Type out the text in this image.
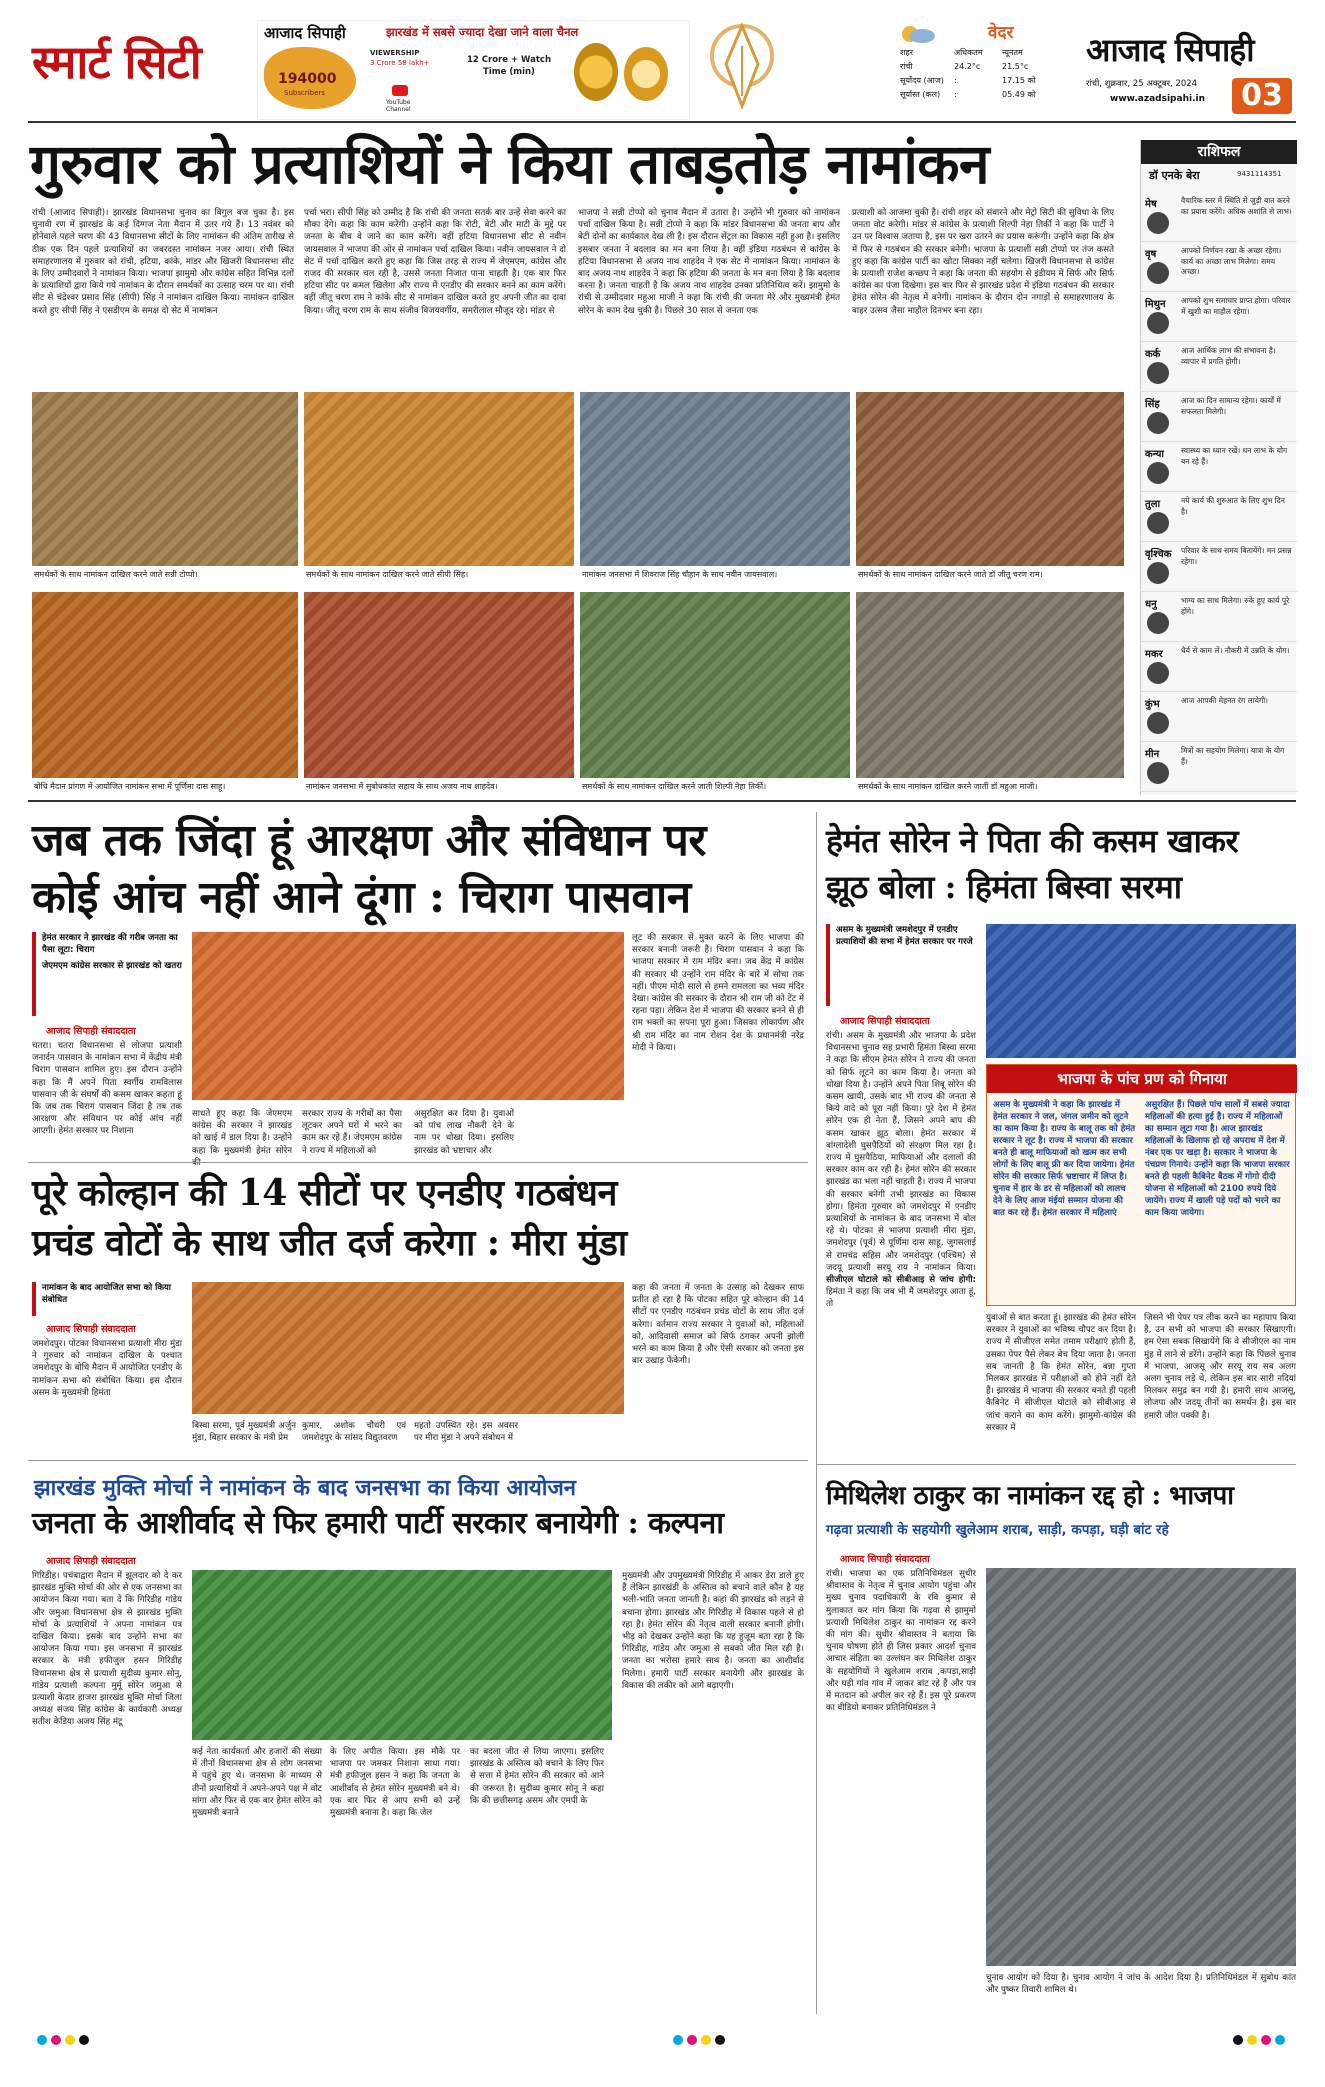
स्मार्ट सिटी
आजाद सिपाही	झारखंड में सबसे ज्यादा देखा जाने वाला चैनल
194000
Subscribers
VIEWERSHIP
3 Crore 58 lakh+
YouTube Channel
12 Crore + Watch Time (min)
वेदर
शहर	अधिकतम	न्यूनतम
रांची	24.2°c	21.5°c
सूर्योदय (आज)	:	17.15 को
सूर्यास्त (कल)	:	05.49 को
आजाद सिपाही
रांची, शुक्रवार, 25 अक्टूबर, 2024
www.azadsipahi.in	03
गुरुवार को प्रत्याशियों ने किया ताबड़तोड़ नामांकन
रांची (आजाद सिपाही)। झारखंड विधानसभा चुनाव का बिगुल बज चुका है। इस चुनावी रण में झारखंड के कई दिग्गज नेता मैदान में उतर गये हैं। 13 नवंबर को होनेवाले पहले चरण की 43 विधानसभा सीटों के लिए नामांकन की अंतिम तारीख से ठीक एक दिन पहले प्रत्याशियों का जबरदस्त नामांकन नजर आया। रांची स्थित समाहरणालय में गुरुवार को रांची, हटिया, कांके, मांडर और खिजरी विधानसभा सीट के लिए उम्मीदवारों ने नामांकन किया। भाजपा झामुमो और कांग्रेस सहित विभिन्न दलों के प्रत्याशियों द्वारा किये गये नामांकन के दौरान समर्थकों का उत्साह चरम पर था। रांची सीट से चंद्रेश्वर प्रसाद सिंह (सीपी) सिंह ने नामांकन दाखिल किया। नामांकन दाखिल करते हुए सीपी सिंह ने एसडीएम के समक्ष दो सेट में नामांकन
पर्चा भरा। सीपी सिंह को उम्मीद है कि रांची की जनता सतर्क बार उन्हें सेवा करने का मौका देंगे। कहा कि काम करेंगी। उन्होंने कहा कि रोटी, बेटी और माटी के मुद्दे पर जनता के बीच वे जाने का काम करेंगे। वहीं हटिया विधानसभा सीट से नवीन जायसवाल ने भाजपा की ओर से नामांकन पर्चा दाखिल किया। नवीन जायसवाल ने दो सेट में पर्चा दाखिल करते हुए कहा कि जिस तरह से राज्य में जेएमएम, कांग्रेस और राजद की सरकार चल रही है, उससे जनता निजात पाना चाहती है। एक बार फिर हटिया सीट पर कमल खिलेगा और राज्य में एनडीए की सरकार बनने का काम करेंगे। वहीं जीतू चरण राम ने कांके सीट से नामांकन दाखिल करते हुए अपनी जीत का दावा किया। जीतू चरण राम के साथ संजीव विजयवर्गीय, समरीलाल मौजूद रहे। मांडर से
भाजपा ने सन्नी टोप्पो को चुनाव मैदान में उतारा है। उन्होंने भी गुरुवार को नामांकन पर्चा दाखिल किया है। सन्नी टोप्पो ने कहा कि मांडर विधानसभा की जनता बाप और बेटी दोनों का कार्यकाल देख ली है। इस दौरान सेंट्रल का विकास नहीं हुआ है। इसलिए इसबार जनता ने बदलाव का मन बना लिया है। वहीं इंडिया गठबंधन से कांग्रेस के हटिया विधानसभा से अजय नाथ शाहदेव ने एक सेट में नामांकन किया। नामांकन के बाद अजय नाथ शाहदेव ने कहा कि हटिया की जनता के मन बना लिया है कि बदलाव करना है। जनता चाहती है कि अजय नाथ शाहदेव उनका प्रतिनिधित्व करें। झामुमो के रांची से उम्मीदवार महुआ माजी ने कहा कि रांची की जनता मेरे और मुख्यमंत्री हेमंत सोरेन के काम देख चुकी है। पिछले 30 साल से जनता एक
प्रत्याशी को आजमा चुकी है। रांची शहर को संवारने और मेट्रो सिटी की सुविधा के लिए जनता वोट करेगी। मांडर से कांग्रेस के प्रत्याशी शिल्पी नेहा तिर्की ने कहा कि पार्टी ने उन पर विश्वास जताया है, इस पर खरा उतरने का प्रयास करूंगी। उन्होंने कहा कि क्षेत्र में फिर से गठबंधन की सरकार बनेगी। भाजपा के प्रत्याशी सन्नी टोप्पो पर तंज कसते हुए कहा कि कांग्रेस पार्टी का खोटा सिक्का नहीं चलेगा। खिजरी विधानसभा से कांग्रेस के प्रत्याशी राजेश कच्छप ने कहा कि जनता की सहयोग से इंडीयम में सिर्फ और सिर्फ कांग्रेस का पंजा दिखेगा। इस बार फिर से झारखंड प्रदेश में इंडिया गठबंधन की सरकार हेमंत सोरेन की नेतृत्व में बनेगी। नामांकन के दौरान दोन नगाड़ों से समाहरणालय के बाहर उत्सव जैसा माहौल दिनभर बना रहा।
समर्थकों के साथ नामांकन दाखिल करने जाते सन्नी टोप्पो।	समर्थकों के साथ नामांकन दाखिल करने जाते सीपी सिंह।	नामांकन जनसभा में शिवराज सिंह चौहान के साथ नवीन जायसवाल।	समर्थकों के साथ नामांकन दाखिल करने जाते डॉ जीतू चरण राम।
बोधि मैदान प्रांगण में आयोजित नामांकन सभा में पूर्णिमा दास साहू।	नामांकन जनसभा में सुबोधकांत सहाय के साथ अजय नाथ शाहदेव।	समर्थकों के साथ नामांकन दाखिल करने जाती शिल्पी नेहा तिर्की।	समर्थकों के साथ नामांकन दाखिल करने जातीं डॉ महुआ माजी।
राशिफल
डॉ एनके बेरा	9431114351
मेष	वैचारिक स्तर में स्थिति से जुड़ी बात करने का प्रयास करेंगे। अधिक अशांति से लाभ।
वृष	आपको निर्णयन रखा के अच्छा रहेगा। कार्य का अच्छा लाभ मिलेगा। समय अच्छा।
मिथुन आपको शुभ समाचार प्राप्त होगा। परिवार में खुशी का माहौल रहेगा।
कर्क	आज आर्थिक लाभ की संभावना है। व्यापार में प्रगति होगी।
सिंह	आज का दिन सामान्य रहेगा। कार्यों में सफलता मिलेगी।
कन्या स्वास्थ्य का ध्यान रखें। धन लाभ के योग बन रहे हैं।
तुला	नये कार्य की शुरुआत के लिए शुभ दिन है।
वृश्चिक परिवार के साथ समय बितायेंगे। मन प्रसन्न रहेगा।
धनु	भाग्य का साथ मिलेगा। रुके हुए कार्य पूरे होंगे।
मकर धैर्य से काम लें। नौकरी में उन्नति के योग।
कुंभ	आज आपकी मेहनत रंग लायेगी।
मीन	मित्रों का सहयोग मिलेगा। यात्रा के योग हैं।
जब तक जिंदा हूं आरक्षण और संविधान पर
कोई आंच नहीं आने दूंगा : चिराग पासवान
हेमंत सरकार ने झारखंड की गरीब जनता का पैसा लूटा: चिराग
जेएमएम कांग्रेस सरकार से झारखंड को खतरा
आजाद सिपाही संवाददाता
चतरा। चतरा विधानसभा से लोजपा प्रत्याशी जनार्दन पासवान के नामांकन सभा में केंद्रीय मंत्री चिराग पासवान शामिल हुए। इस दौरान उन्होंने कहा कि मैं अपने पिता स्वर्गीय रामविलास पासवान जी के संघर्षों की कसम खाकर कहता हूं कि जब तक चिराग पासवान जिंदा है तब तक आरक्षण और संविधान पर कोई आंच नहीं आएगी। हेमंत सरकार पर निशाना
साधते हुए कहा कि जेएमएम कांग्रेस की सरकार ने झारखंड को खाई में डाल दिया है। उन्होंने कहा कि मुख्यमंत्री हेमंत सोरेन
सरकार राज्य के गरीबों का पैसा लूटकर अपने घरों में भरने का काम कर रहे हैं। जेएमएम कांग्रेस ने राज्य में महिलाओं को
असुरक्षित कर दिया है। युवाओं को पांच लाख नौकरी देने के नाम पर धोखा दिया। इसलिए झारखंड को भ्रष्टाचार और
लूट की सरकार से मुक्त करने के लिए भाजपा की सरकार बनानी जरूरी है। चिराग पासवान ने कहा कि भाजपा सरकार में राम मंदिर बना। जब केंद्र में कांग्रेस की सरकार थी उन्होंने राम मंदिर के बारे में सोचा तक नहीं। पीएम मोदी साले से हमने रामलला का भव्य मंदिर देखा। कांग्रेस की सरकार के दौरान श्री राम जी को टेंट में रहना पड़ा। लेकिन देश में भाजपा की सरकार बनने से ही राम भक्तों का सपना पूरा हुआ। जिसका लोकार्पण और श्री राम मंदिर का नाम रोशन देश के प्रधानमंत्री नरेंद्र मोदी ने किया।
पूरे कोल्हान की 14 सीटों पर एनडीए गठबंधन
प्रचंड वोटों के साथ जीत दर्ज करेगा : मीरा मुंडा
नामांकन के बाद आयोजित सभा को किया संबोधित
आजाद सिपाही संवाददाता
जमशेदपुर। पोटका विधानसभा प्रत्याशी मीरा मुंडा ने गुरुवार को नामांकन दाखिल के पश्चात जमशेदपुर के बोधि मैदान में आयोजित एनडीए के नामांकन सभा को संबोधित किया। इस दौरान असम के मुख्यमंत्री हिमंता
बिस्वा सरमा, पूर्व मुख्यमंत्री अर्जुन मुंडा, बिहार सरकार के मंत्री प्रेम
कुमार, अशोक चौधरी एवं जमशेदपुर के सांसद विद्युतवरण
महतो उपस्थित रहे। इस अवसर पर मीरा मुंडा ने अपने संबोधन में
कहा की जनता में जनता के उत्साह को देखकर साफ प्रतीत हो रहा है कि पोटका सहित पूरे कोल्हान की 14 सीटों पर एनडीए गठबंधन प्रचंड वोटों के साथ जीत दर्ज करेगा। वर्तमान राज्य सरकार ने युवाओं को, महिलाओं को, आदिवासी समाज को सिर्फ ठगकर अपनी झोली भरने का काम किया है और ऐसी सरकार को जनता इस बार उखाड़ फेंकेगी।
हेमंत सोरेन ने पिता की कसम खाकर
झूठ बोला : हिमंता बिस्वा सरमा
असम के मुख्यमंत्री जमशेदपुर में एनडीए प्रत्याशियों की सभा में हेमंत सरकार पर गरजे
आजाद सिपाही संवाददाता
रांची। असम के मुख्यमंत्री और भाजपा के प्रदेश विधानसभा चुनाव सह प्रभारी हिमंता बिस्वा सरमा ने कहा कि सीएम हेमंत सोरेन ने राज्य की जनता को सिर्फ लूटने का काम किया है। जनता को धोखा दिया है। उन्होंने अपने पिता शिबू सोरेन की कसम खायी, उसके बाद भी राज्य की जनता से किये वादे को पूरा नहीं किया। पूरे देश में हेमंत सोरेन एक ही नेता हैं, जिसने अपने बाप की कसम खाकर झूठ बोला। हेमंत सरकार में बांग्लादेशी घुसपैठियों को संरक्षण मिल रहा है। राज्य में घुसपैठिया, माफियाओं और दलालों की सरकार काम कर रही है। हेमंत सोरेन की सरकार झारखंड का भला नहीं चाहती है। राज्य में भाजपा की सरकार बनेगी तभी झारखंड का विकास होगा। हिमंता गुरुवार को जमशेदपुर में एनडीए प्रत्याशियों के नामांकन के बाद जनसभा में बोल रहे थे। पोटका से भाजपा प्रत्याशी मीरा मुंडा, जमशेदपुर (पूर्व) से पूर्णिमा दास साहू, जुगसलाई से रामचंद्र सहिस और जमशेदपुर (पश्चिम) से जदयू प्रत्याशी सरयू राय ने नामांकन किया। सीजीएल घोटाले को सीबीआइ से जांच होगी: हिमंता ने कहा कि जब भी मैं जमशेदपुर आता हूं, तो
भाजपा के पांच प्रण को गिनाया
असम के मुख्यमंत्री ने कहा कि झारखंड में हेमंत सरकार ने जल, जंगल जमीन को लूटने का काम किया है। राज्य के बालू तक को हेमंत सरकार ने लूट है। राज्य में भाजपा की सरकार बनते ही बालू माफियाओं को खत्म कर सभी लोगों के लिए बालू फ्री कर दिया जायेगा। हेमंत सोरेन की सरकार सिर्फ भ्रष्टाचार में लिप्त है। चुनाव में हार के डर से महिलाओं को लालच देने के लिए आज मंईयां सम्मान योजना की बात कर रहे हैं। हेमंत सरकार में महिलाएं
असुरक्षित हैं। पिछले पांच सालों में सबसे ज्यादा महिलाओं की हत्या हुई है। राज्य में महिलाओं का सम्मान लूटा गया है। आज झारखंड महिलाओं के खिलाफ हो रहे अपराध में देश में नंबर एक पर खड़ा है। सरकार ने भाजपा के पंचप्रण गिनाये। उन्होंने कहा कि भाजपा सरकार बनते ही पहली कैबिनेट बैठक में गोगो दीदी योजना से महिलाओं को 2100 रुपये दिये जायेंगे। राज्य में खाली पड़े पदों को भरने का काम किया जायेगा।
युवाओं से बात करता हूं। झारखंड की हेमंत सोरेन सरकार ने युवाओं का भविष्य चौपट कर दिया है। राज्य में सीजीएल समेत तमाम परीक्षाएं होती हैं, उसका पेपर पैसे लेकर बेच दिया जाता है। जनता सब जानती है कि हेमंत सोरेन, बन्ना गुप्ता मिलकर झारखंड में परीक्षाओं को होने नहीं देते हैं। झारखंड में भाजपा की सरकार बनते ही पहली कैबिनेट में सीजीएल घोटाले को सीबीआइ से जांच कराने का काम करेंगे। झामुमो-कांग्रेस की सरकार में
जिसने भी पेपर पत्र लीक करने का महापाप किया है, उन सभी को भाजपा की सरकार सिखाएगी। हम ऐसा सबक सिखायेंगे कि वे सीजीएल का नाम मुंह में लाने से डरेंगे। उन्होंने कहा कि पिछले चुनाव में भाजपा, आजसू और सरयू राय सब अलग अलग चुनाव लड़े थे, लेकिन इस बार सारी नदियां मिलकर समुद्र बन गयी है। हमारी साथ आजसू, लोजपा और जदयू तीनों का समर्थन है। इस बार हमारी जीत पक्की है।
झारखंड मुक्ति मोर्चा ने नामांकन के बाद जनसभा का किया आयोजन
जनता के आशीर्वाद से फिर हमारी पार्टी सरकार बनायेगी : कल्पना
आजाद सिपाही संवाददाता
गिरिडीह। पचंबाद्वारा मैदान में झूलदार को दे कर झारखंड मुक्ति मोर्चा की ओर से एक जनसभा का आयोजन किया गया। बता दें कि गिरिडीह गांडेय और जमुआ विधानसभा क्षेत्र से झारखंड मुक्ति मोर्चा के प्रत्याशियों ने अपना नामांकन पत्र दाखिल किया। इसके बाद उन्होंने सभा का आयोजन किया गया। इस जनसभा में झारखंड सरकार के मंत्री हफीजुल हसन गिरिडीह विधानसभा क्षेत्र से प्रत्याशी सुदीव्य कुमार सोनू, गांडेय प्रत्याशी कल्पना मुर्मू सोरेन जमुआ से प्रत्याशी केदार हाजरा झारखंड मुक्ति मोर्चा जिला अध्यक्ष संजय सिंह कांग्रेस के कार्यकारी अध्यक्ष सतीश केडिया अजय सिंह मंटू
कई नेता कार्यकर्ता और हजारों की संख्या में तीनों विधानसभा क्षेत्र से लोग जनसभा में पहुंचे हुए थे। जनसभा के माध्यम से तीनों प्रत्याशियों ने अपने-अपने पक्ष में वोट मांगा और फिर से एक बार हेमंत सोरेन को मुख्यमंत्री बनाने
के लिए अपील किया। इस मौके पर भाजपा पर जमकर निशाना साधा गया। मंत्री हफीजुल हसन ने कहा कि जनता के आशीर्वाद से हेमंत सोरेन मुख्यमंत्री बने थे। एक बार फिर से आप सभी को उन्हें मुख्यमंत्री बनाना है। कहा कि जेल
का बदला जीत से लिया जाएगा। इसलिए झारखंड के अस्तित्व को बचाने के लिए फिर से सत्ता में हेमंत सोरेन की सरकार को आने की जरूरत है। सुदीव्य कुमार सोनू ने कहा कि की छत्तीसगढ़ असम और एमपी के
मुख्यमंत्री और उपमुख्यमंत्री गिरिडीह में आकर डेरा डाले हुए हैं लेकिन झारखंडी के अस्तित्व को बचाने वाले कौन है यह भली-भांति जनता जानती है। कहां की झारखंड को लड़ने से बचाना होगा। झारखंड और गिरिडीह में विकास पहले से हो रहा है। हेमंत सोरेन की नेतृत्व वाली सरकार बनानी होगी। भीड़ को देखकर उन्होंने कहा कि यह हुजूम बता रहा है कि गिरिडीह, गांडेय और जमुआ से सबको जीत मिल रही है। जनता का भरोसा हमारे साथ है। जनता का आशीर्वाद मिलेगा। हमारी पार्टी सरकार बनायेगी और झारखंड के विकास की लकीर को आगे बढ़ाएगी।
मिथिलेश ठाकुर का नामांकन रद्द हो : भाजपा
गढ़वा प्रत्याशी के सहयोगी खुलेआम शराब, साड़ी, कपड़ा, घड़ी बांट रहे
आजाद सिपाही संवाददाता
रांची। भाजपा का एक प्रतिनिधिमंडल सुधीर श्रीवास्तव के नेतृत्व में चुनाव आयोग पहुंचा और मुख्य चुनाव पदाधिकारी के रवि कुमार से मुलाकात कर मांग किया कि गढ़वा से झामुमो प्रत्याशी मिथिलेश ठाकुर का नामांकन रद्द करने की मांग की। सुधीर श्रीवास्तव ने बताया कि चुनाव घोषणा होते ही जिस प्रकार आदर्श चुनाव आचार संहिता का उल्लंघन कर मिथिलेश ठाकुर के सहयोगियों ने खुलेआम शराब ,कपड़ा,साड़ी और घड़ी गांव गांव में जाकर बांट रहे हैं और पत्र में मतदान को अपील कर रहे हैं। इस पूरे प्रकरण का वीडियो बनाकर प्रतिनिधिमंडल ने
चुनाव आयोग को दिया है। चुनाव आयोग ने जांच के आदेश दिया है। प्रतिनिधिमंडल में सुबोध कांत और पुष्कर तिवारी शामिल थे।
